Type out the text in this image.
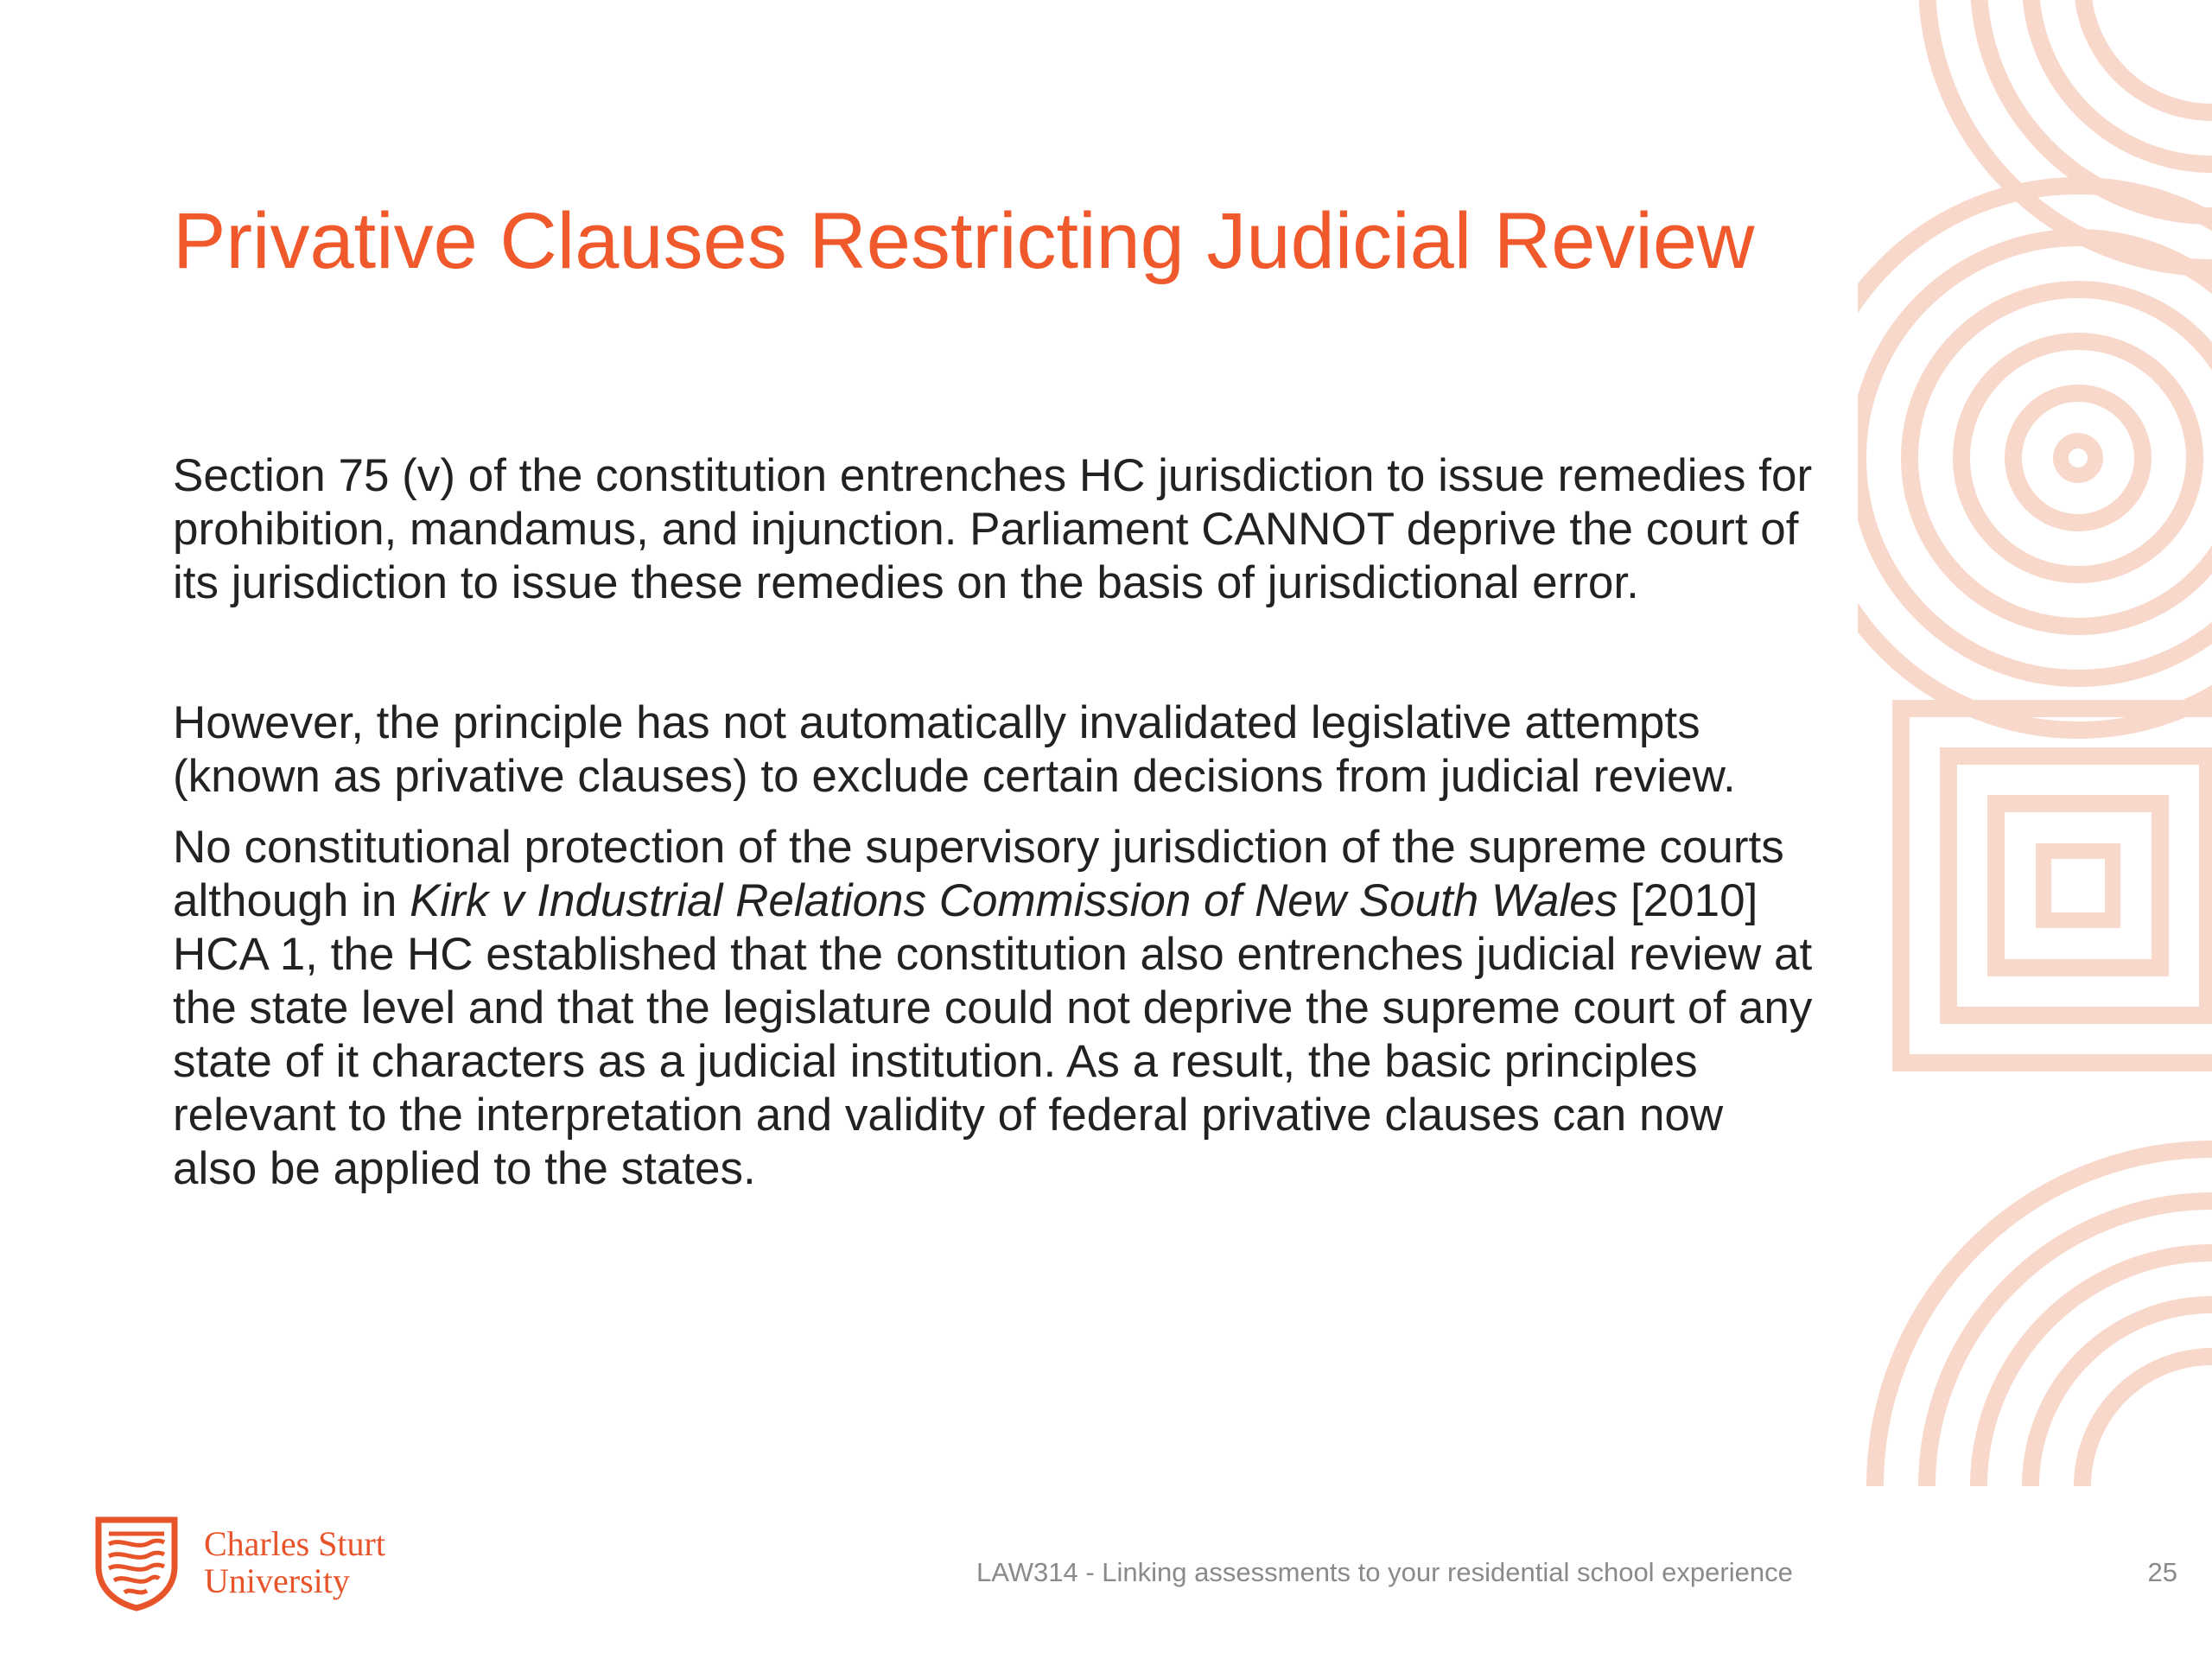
Privative Clauses Restricting Judicial Review

Section 75 (v) of the constitution entrenches HC jurisdiction to issue remedies for prohibition, mandamus, and injunction. Parliament CANNOT deprive the court of its jurisdiction to issue these remedies on the basis of jurisdictional error.

However, the principle has not automatically invalidated legislative attempts (known as privative clauses) to exclude certain decisions from judicial review.

No constitutional protection of the supervisory jurisdiction of the supreme courts although in Kirk v Industrial Relations Commission of New South Wales [2010] HCA 1, the HC established that the constitution also entrenches judicial review at the state level and that the legislature could not deprive the supreme court of any state of it characters as a judicial institution. As a result, the basic principles relevant to the interpretation and validity of federal privative clauses can now also be applied to the states.

Charles Sturt
University	LAW314 - Linking assessments to your residential school experience	25
